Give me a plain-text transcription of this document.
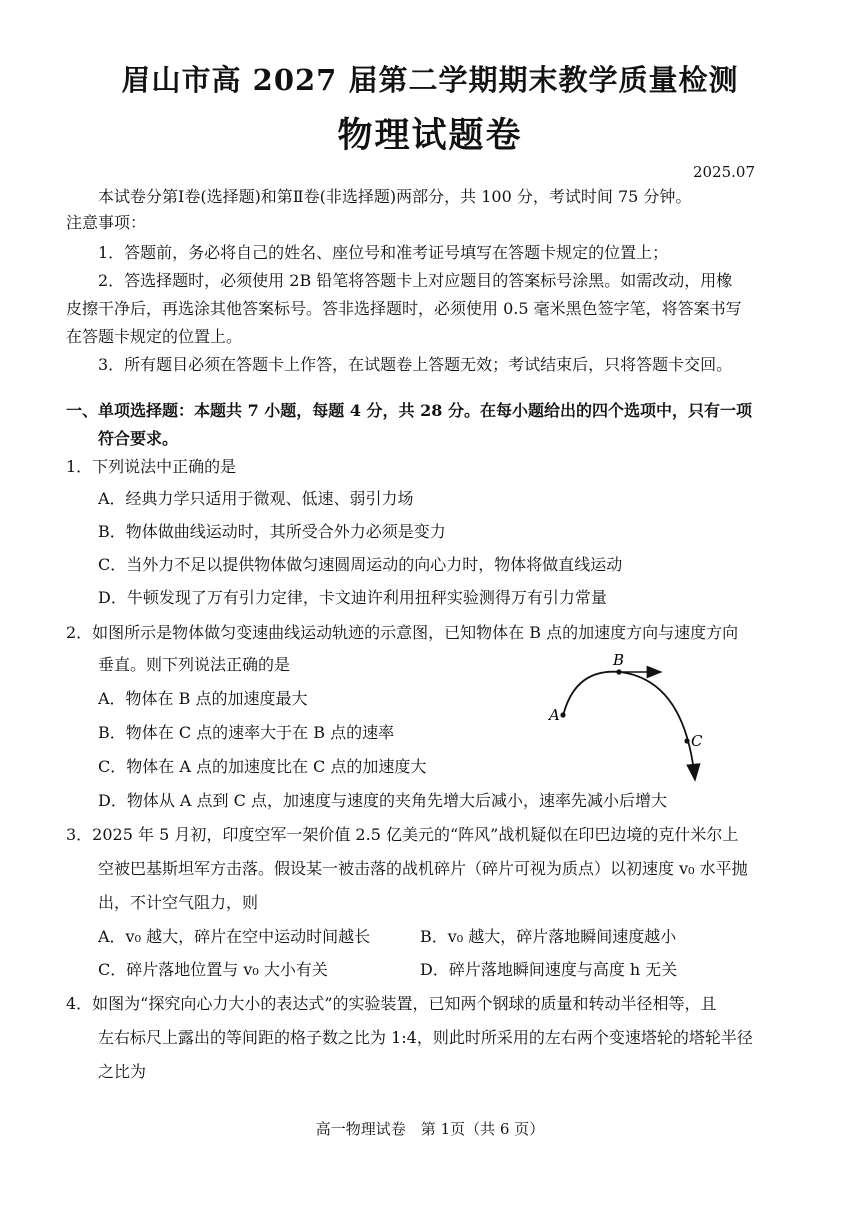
眉山市高 2027 届第二学期期末教学质量检测
物理试题卷
2025.07
本试卷分第Ⅰ卷(选择题)和第Ⅱ卷(非选择题)两部分，共 100 分，考试时间 75 分钟。
注意事项：
1．答题前，务必将自己的姓名、座位号和准考证号填写在答题卡规定的位置上；
2．答选择题时，必须使用 2B 铅笔将答题卡上对应题目的答案标号涂黑。如需改动，用橡
皮擦干净后，再选涂其他答案标号。答非选择题时，必须使用 0.5 毫米黑色签字笔，将答案书写
在答题卡规定的位置上。
3．所有题目必须在答题卡上作答，在试题卷上答题无效；考试结束后，只将答题卡交回。
一、单项选择题：本题共 7 小题，每题 4 分，共 28 分。在每小题给出的四个选项中，只有一项
符合要求。
1．下列说法中正确的是
A．经典力学只适用于微观、低速、弱引力场
B．物体做曲线运动时，其所受合外力必须是变力
C．当外力不足以提供物体做匀速圆周运动的向心力时，物体将做直线运动
D．牛顿发现了万有引力定律，卡文迪许利用扭秤实验测得万有引力常量
2．如图所示是物体做匀变速曲线运动轨迹的示意图，已知物体在 B 点的加速度方向与速度方向
垂直。则下列说法正确的是
A．物体在 B 点的加速度最大
B．物体在 C 点的速率大于在 B 点的速率
C．物体在 A 点的加速度比在 C 点的加速度大
D．物体从 A 点到 C 点，加速度与速度的夹角先增大后减小，速率先减小后增大
A
B
C
3．2025 年 5 月初，印度空军一架价值 2.5 亿美元的“阵风”战机疑似在印巴边境的克什米尔上
空被巴基斯坦军方击落。假设某一被击落的战机碎片（碎片可视为质点）以初速度 v₀ 水平抛
出，不计空气阻力，则
A．v₀ 越大，碎片在空中运动时间越长	B．v₀ 越大，碎片落地瞬间速度越小
C．碎片落地位置与 v₀ 大小有关	D．碎片落地瞬间速度与高度 h 无关
4．如图为“探究向心力大小的表达式”的实验装置，已知两个钢球的质量和转动半径相等，且
左右标尺上露出的等间距的格子数之比为 1:4，则此时所采用的左右两个变速塔轮的塔轮半径
之比为
高一物理试卷　第 1页（共 6 页）
